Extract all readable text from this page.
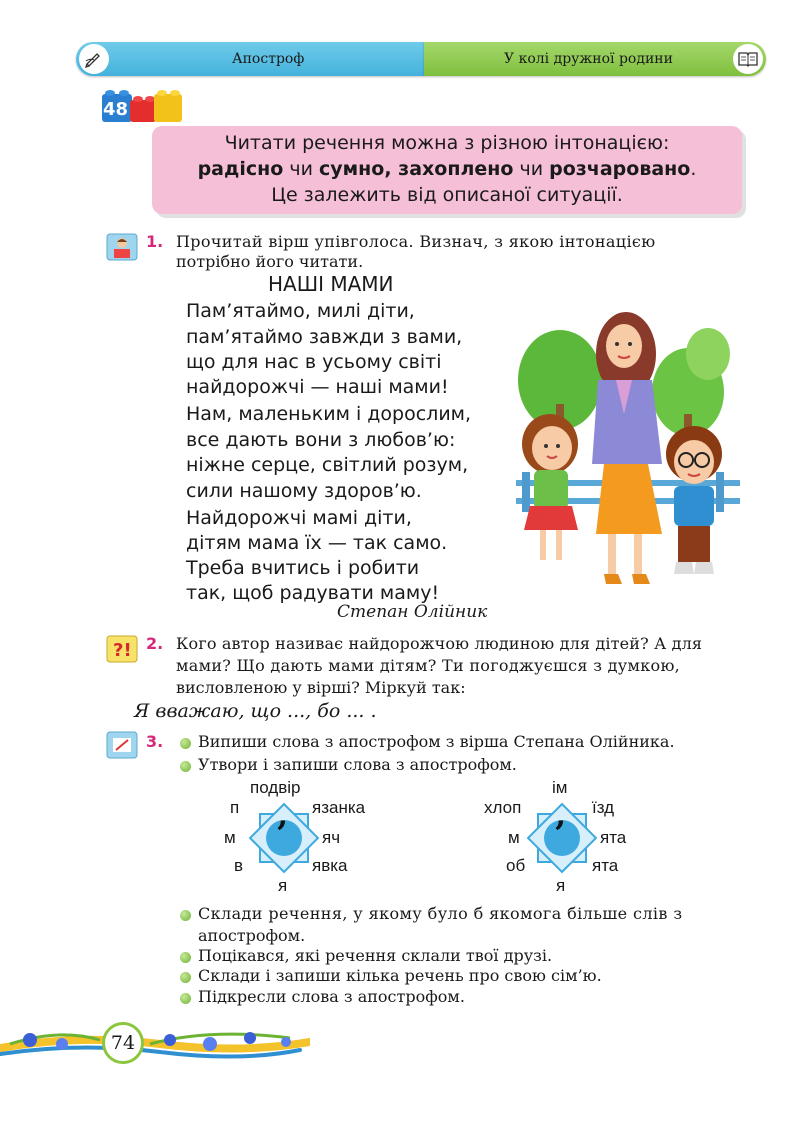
Апостроф	У колі дружної родини
48
Читати речення можна з різною інтонацією:
радісно чи сумно, захоплено чи розчаровано.
Це залежить від описаної ситуації.
1. Прочитай вірш упівголоса. Визнач, з якою інтонацією
потрібно його читати.
НАШІ МАМИ
Пам’ятаймо, милі діти,
пам’ятаймо завжди з вами,
що для нас в усьому світі
найдорожчі — наші мами!
Нам, маленьким і дорослим,
все дають вони з любов’ю:
ніжне серце, світлий розум,
сили нашому здоров’ю.
Найдорожчі мамі діти,
дітям мама їх — так само.
Треба вчитись і робити
так, щоб радувати маму!
Степан Олійник
?! 2. Кого автор називає найдорожчою людиною для дітей? А для
мами? Що дають мами дітям? Ти погоджуєшся з думкою,
висловленою у вірші? Міркуй так:
Я вважаю, що ..., бо ... .
3. Випиши слова з апострофом з вірша Степана Олійника.
Утвори і запиши слова з апострофом.
’
подвір
п	язанка
м	яч
в	явка
я
’
ім
хлоп	їзд
м	ята
об	ята
я
Склади речення, у якому було б якомога більше слів з
апострофом.
Поцікався, які речення склали твої друзі.
Склади і запиши кілька речень про свою сім’ю.
Підкресли слова з апострофом.
74
